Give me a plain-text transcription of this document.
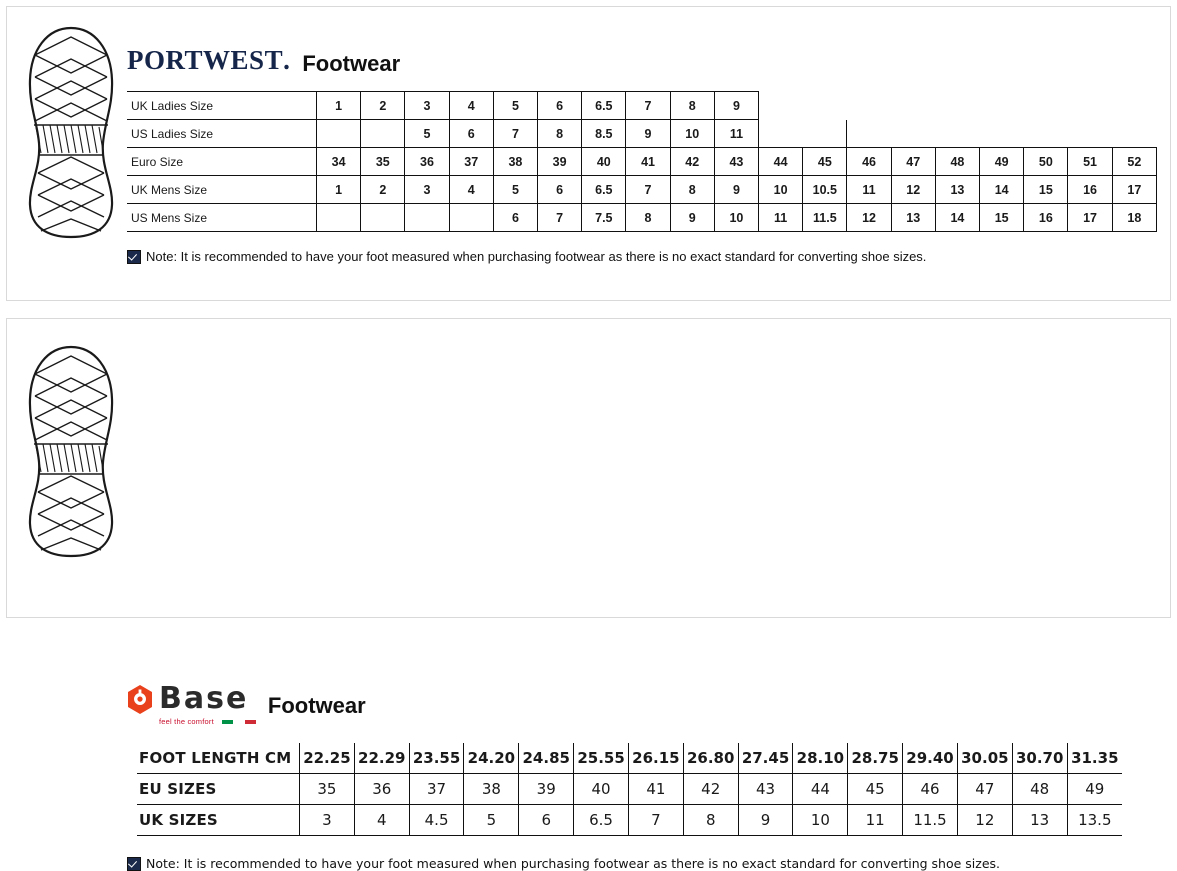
PORTWEST . Footwear
UK Ladies Size	1	2	3	4	5	6	6.5	7	8	9									
US Ladies Size			5	6	7	8	8.5	9	10	11									
Euro Size	34	35	36	37	38	39	40	41	42	43	44	45	46	47	48	49	50	51	52
UK Mens Size	1	2	3	4	5	6	6.5	7	8	9	10	10.5	11	12	13	14	15	16	17
US Mens Size					6	7	7.5	8	9	10	11	11.5	12	13	14	15	16	17	18
Note: It is recommended to have your foot measured when purchasing footwear as there is no exact standard for converting shoe sizes.
Base
feel the comfort
Footwear
FOOT LENGTH CM	22.25	22.29	23.55	24.20	24.85	25.55	26.15	26.80	27.45	28.10	28.75	29.40	30.05	30.70	31.35
EU SIZES	35	36	37	38	39	40	41	42	43	44	45	46	47	48	49
UK SIZES	3	4	4.5	5	6	6.5	7	8	9	10	11	11.5	12	13	13.5
Note: It is recommended to have your foot measured when purchasing footwear as there is no exact standard for converting shoe sizes.
